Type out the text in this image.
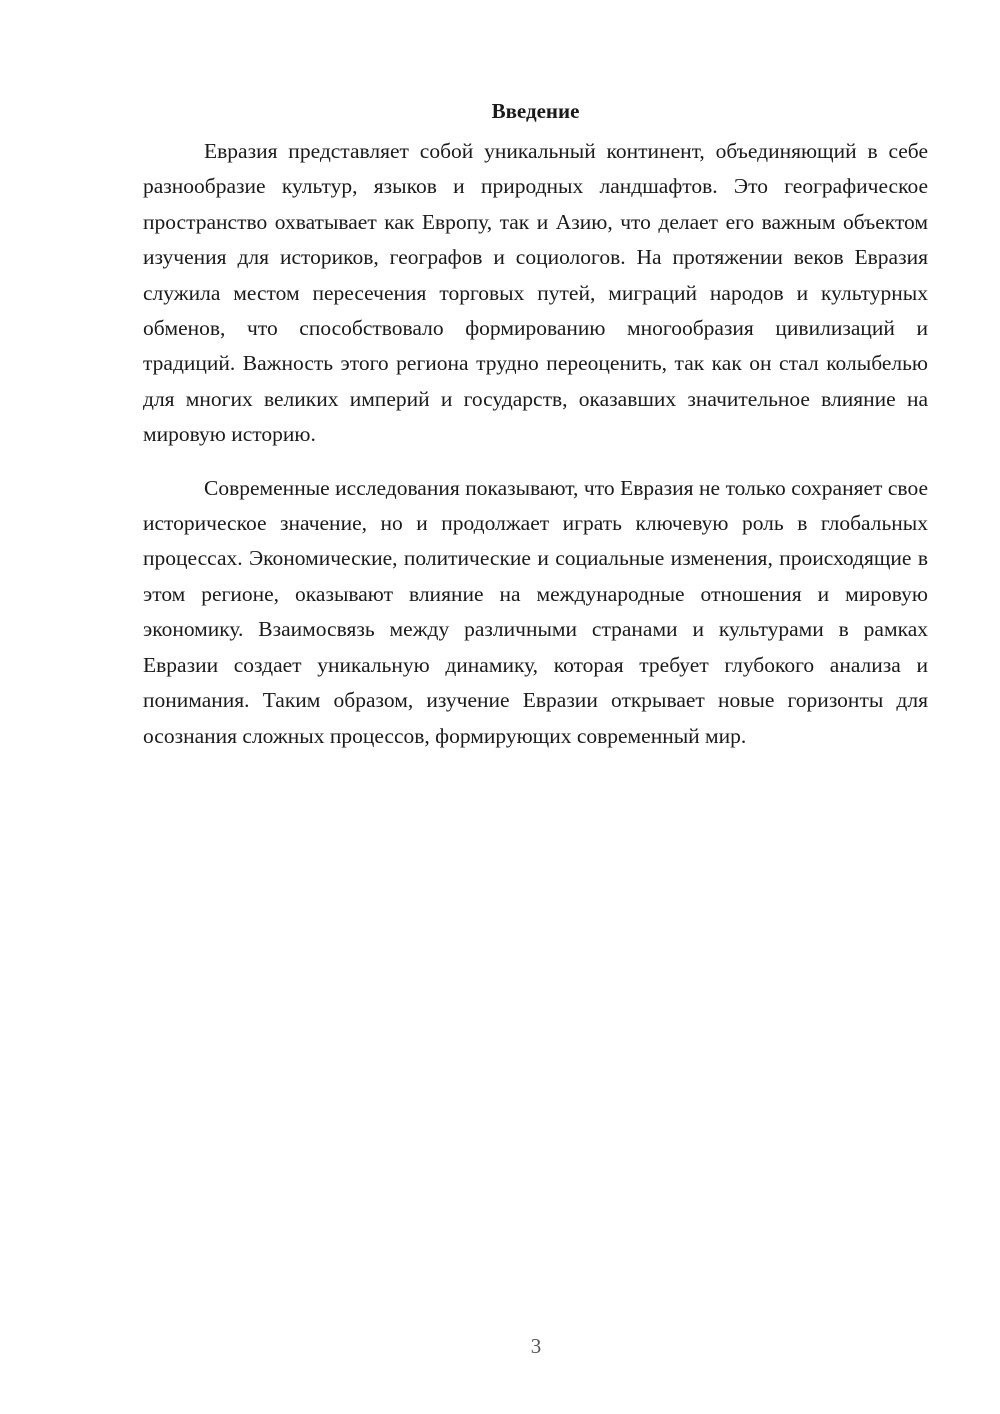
Введение

Евразия представляет собой уникальный континент, объединяющий в себе разнообразие культур, языков и природных ландшафтов. Это географическое пространство охватывает как Европу, так и Азию, что делает его важным объектом изучения для историков, географов и социологов. На протяжении веков Евразия служила местом пересечения торговых путей, миграций народов и культурных обменов, что способствовало формированию многообразия цивилизаций и традиций. Важность этого региона трудно переоценить, так как он стал колыбелью для многих великих империй и государств, оказавших значительное влияние на мировую историю.

Современные исследования показывают, что Евразия не только сохраняет свое историческое значение, но и продолжает играть ключевую роль в глобальных процессах. Экономические, политические и социальные изменения, происходящие в этом регионе, оказывают влияние на международные отношения и мировую экономику. Взаимосвязь между различными странами и культурами в рамках Евразии создает уникальную динамику, которая требует глубокого анализа и понимания. Таким образом, изучение Евразии открывает новые горизонты для осознания сложных процессов, формирующих современный мир.

3
